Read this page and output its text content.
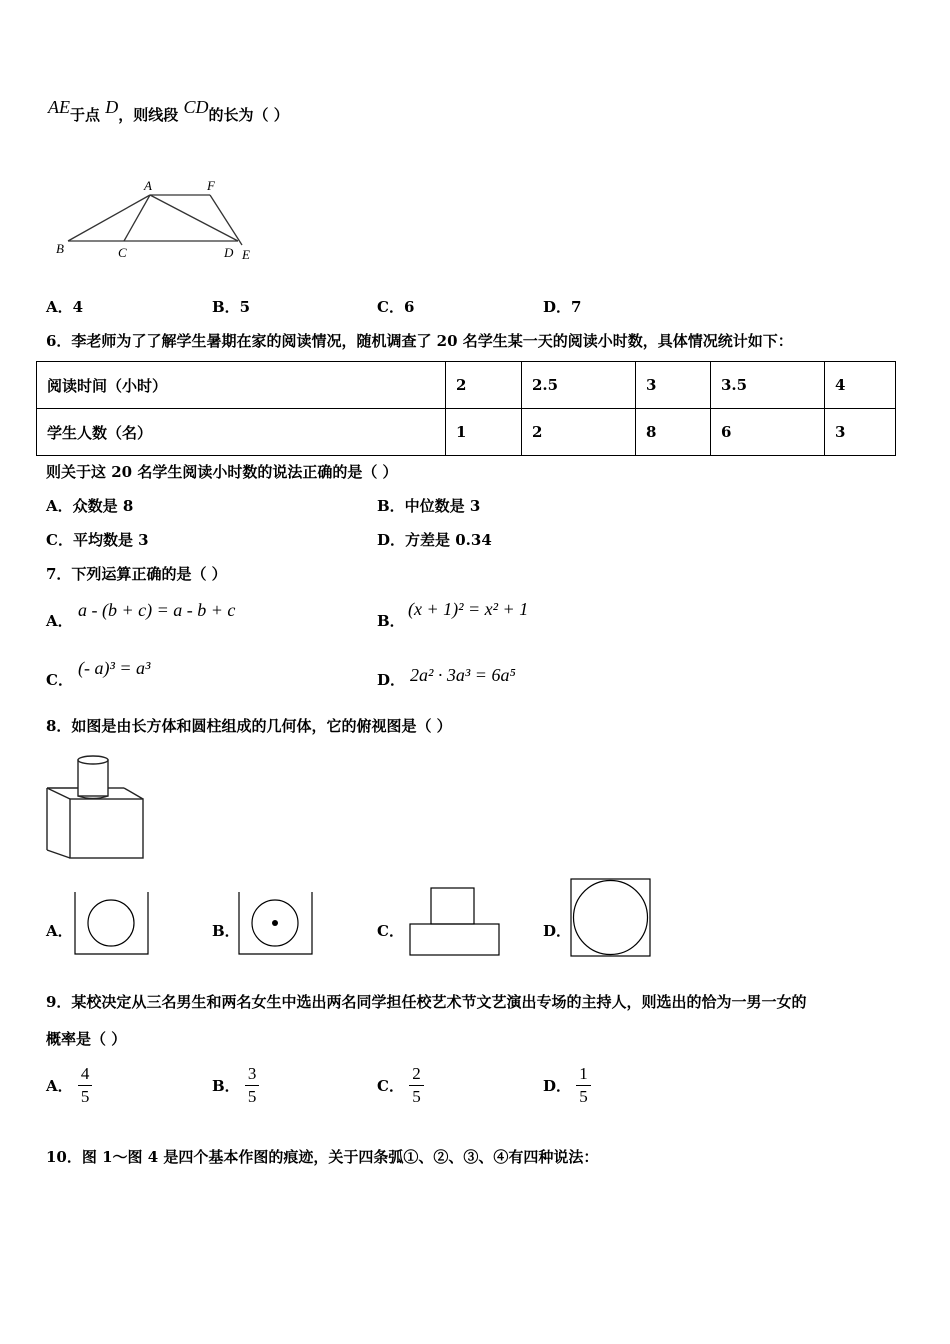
AE于点 D，则线段 CD的长为（ ）
A	F
B	C	D E
A．4	B．5	C．6	D．7
6．李老师为了了解学生暑期在家的阅读情况，随机调查了 20 名学生某一天的阅读小时数，具体情况统计如下：
阅读时间（小时）	2	2.5	3	3.5	4
学生人数（名）	1	2	8	6	3
则关于这 20 名学生阅读小时数的说法正确的是（ ）
A．众数是 8	B．中位数是 3
C．平均数是 3	D．方差是 0.34
7．下列运算正确的是（ ）
A．
a - (b + c) = a - b + c
B．
(x + 1)² = x² + 1
C．
(- a)³ = a³
D． 2a² · 3a³ = 6a⁵
8．如图是由长方体和圆柱组成的几何体，它的俯视图是（ ）
A．	B．	C．	D．
9．某校决定从三名男生和两名女生中选出两名同学担任校艺术节文艺演出专场的主持人，则选出的恰为一男一女的
概率是（ ）
A． $\frac{4}{5}$	B． $\frac{3}{5}$	C． $\frac{2}{5}$	D． $\frac{1}{5}$
10．图 1～图 4 是四个基本作图的痕迹，关于四条弧①、②、③、④有四种说法：
